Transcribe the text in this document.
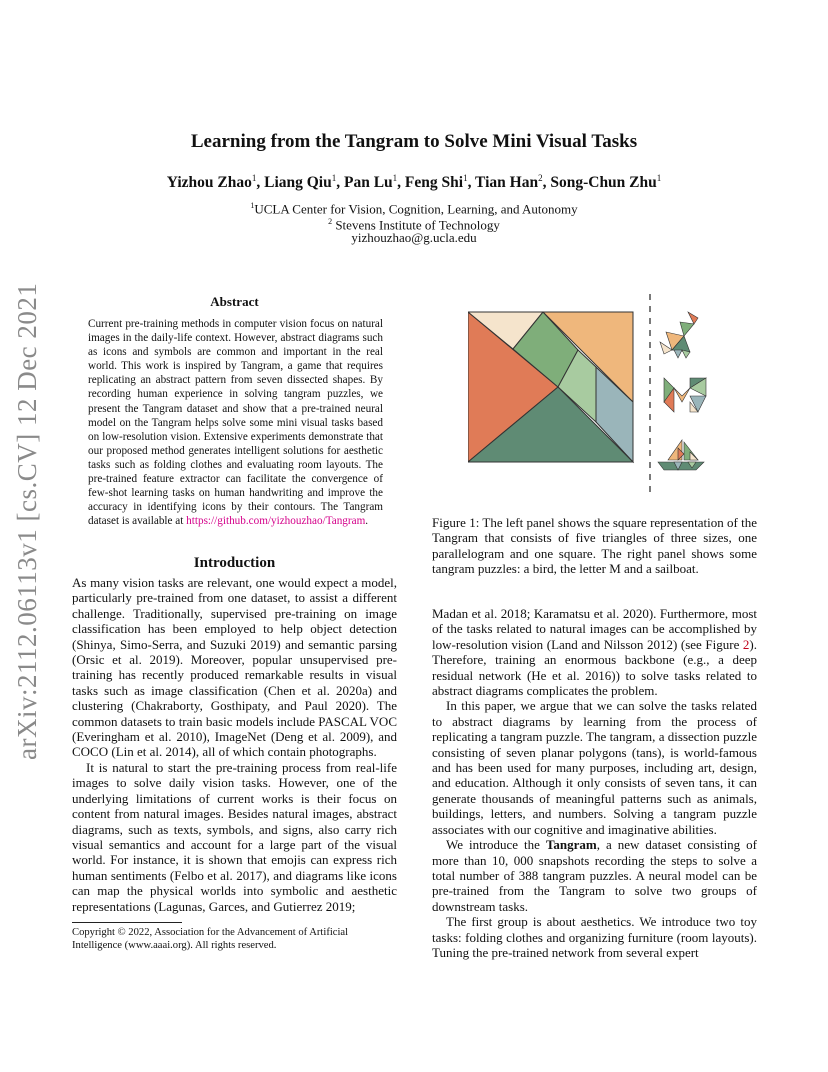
arXiv:2112.06113v1 [cs.CV] 12 Dec 2021
Learning from the Tangram to Solve Mini Visual Tasks
Yizhou Zhao$^1$, Liang Qiu$^1$, Pan Lu$^1$, Feng Shi$^1$, Tian Han$^2$, Song-Chun Zhu$^1$
$^1$UCLA Center for Vision, Cognition, Learning, and Autonomy
$^2$ Stevens Institute of Technology
yizhouzhao@g.ucla.edu
Abstract
Current pre-training methods in computer vision focus on natural images in the daily-life context. However, abstract diagrams such as icons and symbols are common and important in the real world. This work is inspired by Tangram, a game that requires replicating an abstract pattern from seven dissected shapes. By recording human experience in solving tangram puzzles, we present the Tangram dataset and show that a pre-trained neural model on the Tangram helps solve some mini visual tasks based on low-resolution vision. Extensive experiments demonstrate that our proposed method generates intelligent solutions for aesthetic tasks such as folding clothes and evaluating room layouts. The pre-trained feature extractor can facilitate the convergence of few-shot learning tasks on human handwriting and improve the accuracy in identifying icons by their contours. The Tangram dataset is available at https://github.com/yizhouzhao/Tangram.
Introduction

As many vision tasks are relevant, one would expect a model, particularly pre-trained from one dataset, to assist a different challenge. Traditionally, supervised pre-training on image classification has been employed to help object detection (Shinya, Simo-Serra, and Suzuki 2019) and semantic parsing (Orsic et al. 2019). Moreover, popular unsupervised pre-training has recently produced remarkable results in visual tasks such as image classification (Chen et al. 2020a) and clustering (Chakraborty, Gosthipaty, and Paul 2020). The common datasets to train basic models include PASCAL VOC (Everingham et al. 2010), ImageNet (Deng et al. 2009), and COCO (Lin et al. 2014), all of which contain photographs.

It is natural to start the pre-training process from real-life images to solve daily vision tasks. However, one of the underlying limitations of current works is their focus on content from natural images. Besides natural images, abstract diagrams, such as texts, symbols, and signs, also carry rich visual semantics and account for a large part of the visual world. For instance, it is shown that emojis can express rich human sentiments (Felbo et al. 2017), and diagrams like icons can map the physical worlds into symbolic and aesthetic representations (Lagunas, Garces, and Gutierrez 2019;

Copyright © 2022, Association for the Advancement of Artificial Intelligence (www.aaai.org). All rights reserved.
Figure 1: The left panel shows the square representation of the Tangram that consists of five triangles of three sizes, one parallelogram and one square. The right panel shows some tangram puzzles: a bird, the letter M and a sailboat.

Madan et al. 2018; Karamatsu et al. 2020). Furthermore, most of the tasks related to natural images can be accomplished by low-resolution vision (Land and Nilsson 2012) (see Figure 2). Therefore, training an enormous backbone (e.g., a deep residual network (He et al. 2016)) to solve tasks related to abstract diagrams complicates the problem.

In this paper, we argue that we can solve the tasks related to abstract diagrams by learning from the process of replicating a tangram puzzle. The tangram, a dissection puzzle consisting of seven planar polygons (tans), is world-famous and has been used for many purposes, including art, design, and education. Although it only consists of seven tans, it can generate thousands of meaningful patterns such as animals, buildings, letters, and numbers. Solving a tangram puzzle associates with our cognitive and imaginative abilities.

We introduce the Tangram, a new dataset consisting of more than 10, 000 snapshots recording the steps to solve a total number of 388 tangram puzzles. A neural model can be pre-trained from the Tangram to solve two groups of downstream tasks.

The first group is about aesthetics. We introduce two toy tasks: folding clothes and organizing furniture (room layouts). Tuning the pre-trained network from several expert
